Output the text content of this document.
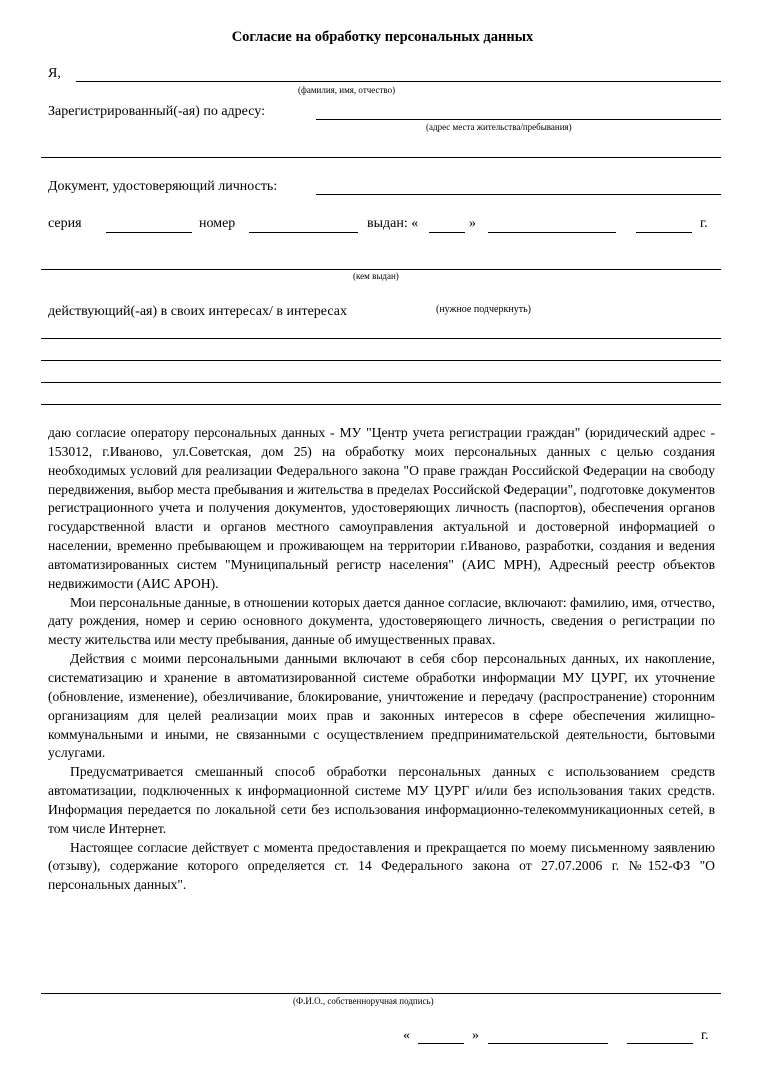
Согласие на обработку персональных данных
Я,
(фамилия, имя, отчество)
Зарегистрированный(-ая) по адресу:
(адрес места жительства/пребывания)
Документ, удостоверяющий личность:
серия	номер	выдан: «	»	г.
(кем выдан)
действующий(-ая) в своих интересах/ в интересах	(нужное подчеркнуть)

даю согласие оператору персональных данных - МУ "Центр учета регистрации граждан" (юридический адрес - 153012, г.Иваново, ул.Советская, дом 25) на обработку моих персональных данных с целью создания необходимых условий для реализации Федерального закона "О праве граждан Российской Федерации на свободу передвижения, выбор места пребывания и жительства в пределах Российской Федерации", подготовке документов регистрационного учета и получения документов, удостоверяющих личность (паспортов), обеспечения органов государственной власти и органов местного самоуправления актуальной и достоверной информацией о населении, временно пребывающем и проживающем на территории г.Иваново, разработки, создания и ведения автоматизированных систем "Муниципальный регистр населения" (АИС МРН), Адресный реестр объектов недвижимости (АИС АРОН).

Мои персональные данные, в отношении которых дается данное согласие, включают: фамилию, имя, отчество, дату рождения, номер и серию основного документа, удостоверяющего личность, сведения о регистрации по месту жительства или месту пребывания, данные об имущественных правах.

Действия с моими персональными данными включают в себя сбор персональных данных, их накопление, систематизацию и хранение в автоматизированной системе обработки информации МУ ЦУРГ, их уточнение (обновление, изменение), обезличивание, блокирование, уничтожение и передачу (распространение) сторонним организациям для целей реализации моих прав и законных интересов в сфере обеспечения жилищно-коммунальными и иными, не связанными с осуществлением предпринимательской деятельности, бытовыми услугами.

Предусматривается смешанный способ обработки персональных данных с использованием средств автоматизации, подключенных к информационной системе МУ ЦУРГ и/или без использования таких средств. Информация передается по локальной сети без использования информационно-телекоммуникационных сетей, в том числе Интернет.

Настоящее согласие действует с момента предоставления и прекращается по моему письменному заявлению (отзыву), содержание которого определяется ст. 14 Федерального закона от 27.07.2006 г. №152-ФЗ "О персональных данных".

(Ф.И.О., собственноручная подпись)
«	»	г.
